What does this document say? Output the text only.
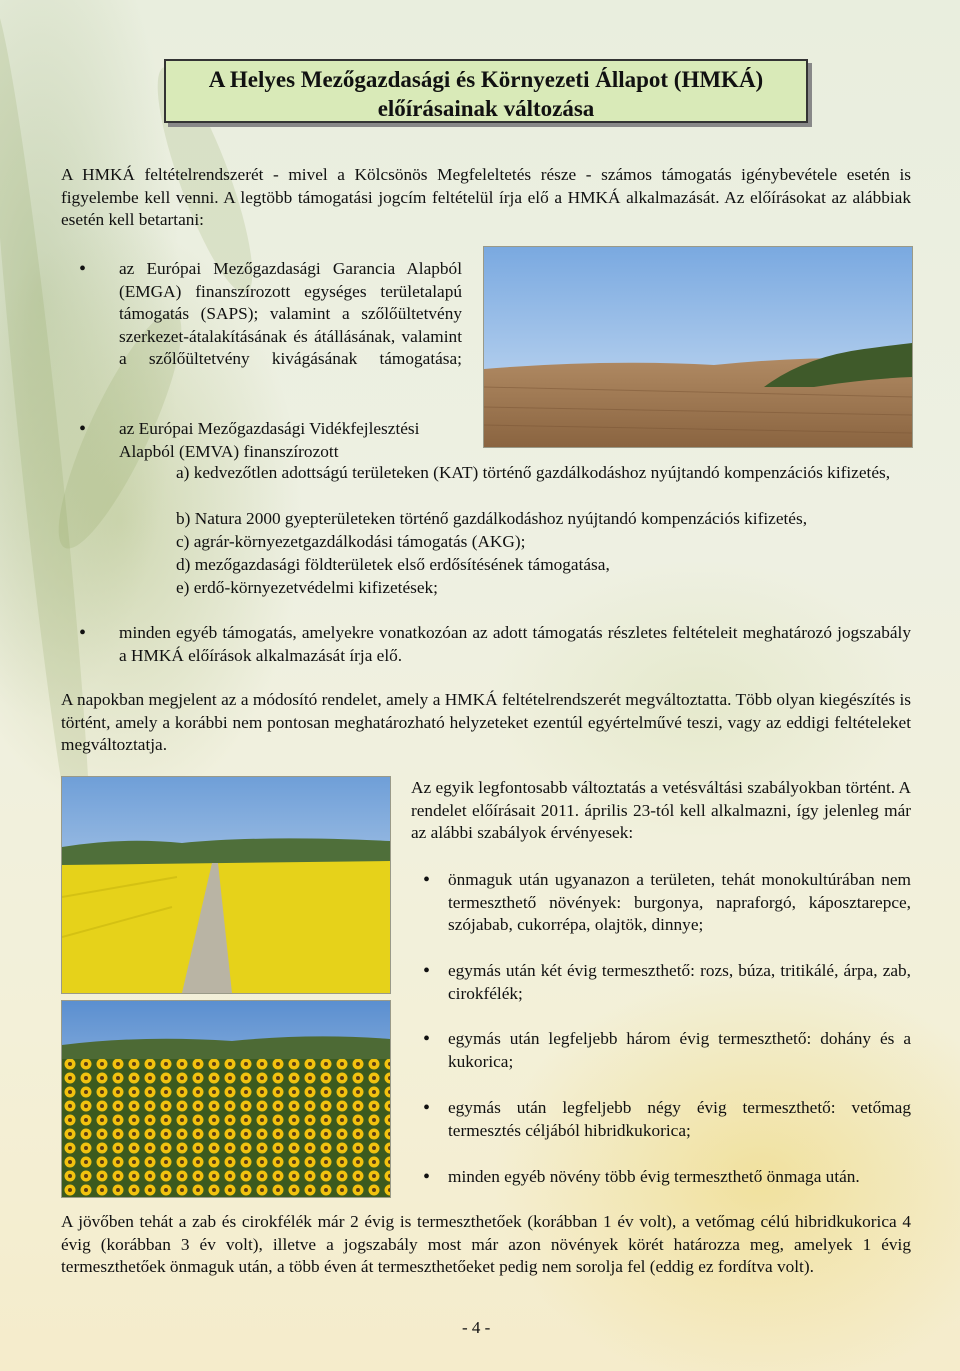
A Helyes Mezőgazdasági és Környezeti Állapot (HMKÁ)
előírásainak változása
A HMKÁ feltételrendszerét - mivel a Kölcsönös Megfeleltetés része - számos támogatás igénybevétele esetén is figyelembe kell venni. A legtöbb támogatási jogcím feltételül írja elő a HMKÁ alkalmazását. Az előírásokat az alábbiak esetén kell betartani:
• az Európai Mezőgazdasági Garancia Alapból (EMGA) finanszírozott egységes területalapú támogatás (SAPS); valamint a szőlőültetvény szerkezet-átalakításának és átállásának, valamint a szőlőültetvény kivágásának támogatása;
• az Európai Mezőgazdasági Vidékfejlesztési Alapból (EMVA) finanszírozott
a) kedvezőtlen adottságú területeken (KAT) történő gazdálkodáshoz nyújtandó kompenzációs kifizetés,
b) Natura 2000 gyepterületeken történő gazdálkodáshoz nyújtandó kompenzációs kifizetés,
c) agrár-környezetgazdálkodási támogatás (AKG);
d) mezőgazdasági földterületek első erdősítésének támogatása,
e) erdő-környezetvédelmi kifizetések;
• minden egyéb támogatás, amelyekre vonatkozóan az adott támogatás részletes feltételeit meghatározó jogszabály a HMKÁ előírások alkalmazását írja elő.
A napokban megjelent az a módosító rendelet, amely a HMKÁ feltételrendszerét megváltoztatta. Több olyan kiegészítés is történt, amely a korábbi nem pontosan meghatározható helyzeteket ezentúl egyértelművé teszi, vagy az eddigi feltételeket megváltoztatja.
Az egyik legfontosabb változtatás a vetésváltási szabályokban történt. A rendelet előírásait 2011. április 23-tól kell alkalmazni, így jelenleg már az alábbi szabályok érvényesek:
• önmaguk után ugyanazon a területen, tehát monokultúrában nem termeszthető növények: burgonya, napraforgó, káposztarepce, szójabab, cukorrépa, olajtök, dinnye;
• egymás után két évig termeszthető: rozs, búza, tritikálé, árpa, zab, cirokfélék;
• egymás után legfeljebb három évig termeszthető: dohány és a kukorica;
• egymás után legfeljebb négy évig termeszthető: vetőmag termesztés céljából hibridkukorica;
• minden egyéb növény több évig termeszthető önmaga után.
A jövőben tehát a zab és cirokfélék már 2 évig is termeszthetőek (korábban 1 év volt), a vetőmag célú hibridkukorica 4 évig (korábban 3 év volt), illetve a jogszabály most már azon növények körét határozza meg, amelyek 1 évig termeszthetőek önmaguk után, a több éven át termeszthetőeket pedig nem sorolja fel (eddig ez fordítva volt).
- 4 -
